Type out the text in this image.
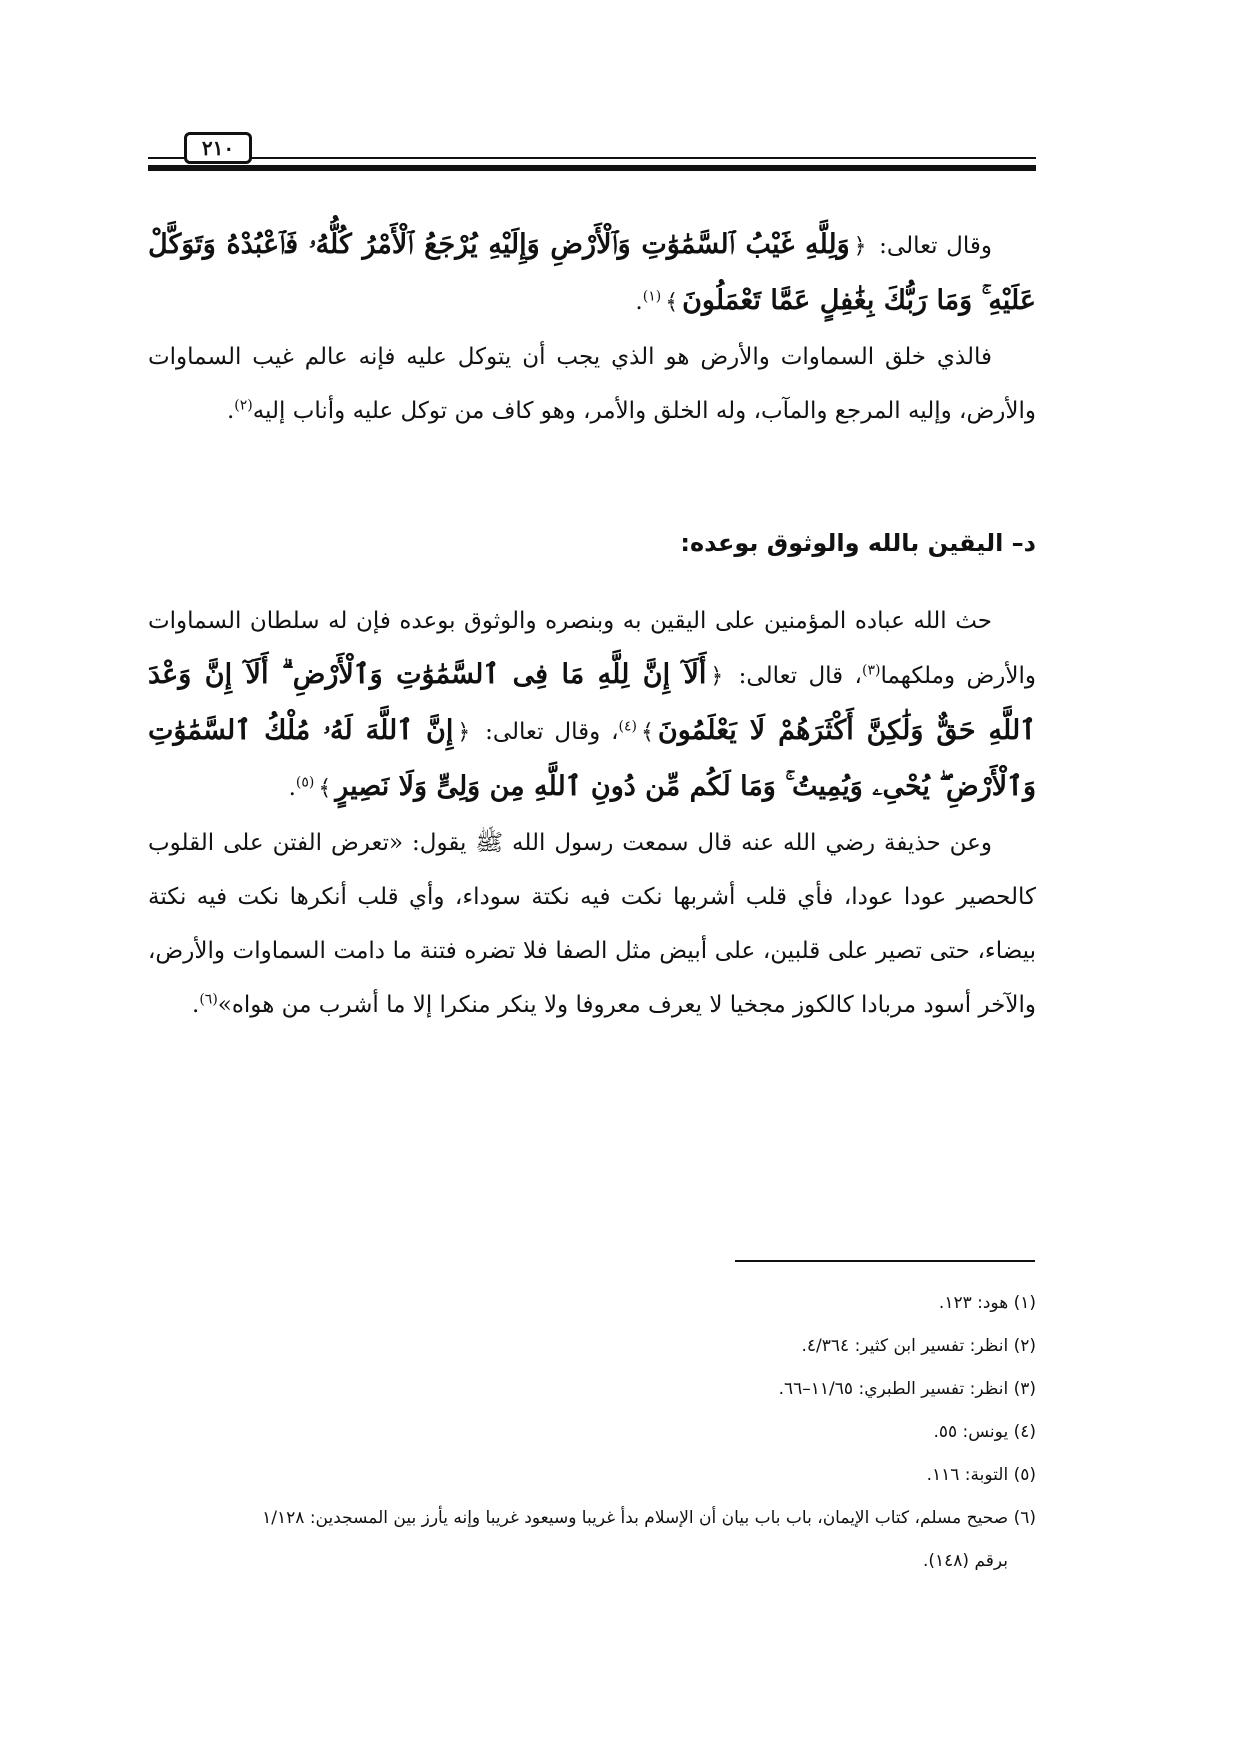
٢١٠

وقال تعالى: ﴿وَلِلَّهِ غَيْبُ ٱلسَّمَٰوَٰتِ وَٱلْأَرْضِ وَإِلَيْهِ يُرْجَعُ ٱلْأَمْرُ كُلُّهُۥ فَٱعْبُدْهُ وَتَوَكَّلْ عَلَيْهِ ۚ وَمَا رَبُّكَ بِغَٰفِلٍ عَمَّا تَعْمَلُونَ﴾$^{(١)}$.

فالذي خلق السماوات والأرض هو الذي يجب أن يتوكل عليه فإنه عالم غيب السماوات والأرض، وإليه المرجع والمآب، وله الخلق والأمر، وهو كاف من توكل عليه وأناب إليه$^{(٢)}$.

د– اليقين بالله والوثوق بوعده:

حث الله عباده المؤمنين على اليقين به وبنصره والوثوق بوعده فإن له سلطان السماوات والأرض وملكهما$^{(٣)}$، قال تعالى: ﴿أَلَآ إِنَّ لِلَّهِ مَا فِى ٱلسَّمَٰوَٰتِ وَٱلْأَرْضِ ۗ أَلَآ إِنَّ وَعْدَ ٱللَّهِ حَقٌّ وَلَٰكِنَّ أَكْثَرَهُمْ لَا يَعْلَمُونَ﴾$^{(٤)}$، وقال تعالى: ﴿إِنَّ ٱللَّهَ لَهُۥ مُلْكُ ٱلسَّمَٰوَٰتِ وَٱلْأَرْضِ ۖ يُحْىِۦ وَيُمِيتُ ۚ وَمَا لَكُم مِّن دُونِ ٱللَّهِ مِن وَلِىٍّ وَلَا نَصِيرٍ﴾$^{(٥)}$.

وعن حذيفة رضي الله عنه قال سمعت رسول الله ﷺ يقول: «تعرض الفتن على القلوب كالحصير عودا عودا، فأي قلب أشربها نكت فيه نكتة سوداء، وأي قلب أنكرها نكت فيه نكتة بيضاء، حتى تصير على قلبين، على أبيض مثل الصفا فلا تضره فتنة ما دامت السماوات والأرض، والآخر أسود مربادا كالكوز مجخيا لا يعرف معروفا ولا ينكر منكرا إلا ما أشرب من هواه»$^{(٦)}$.

(١) هود: ١٢٣.

(٢) انظر: تفسير ابن كثير: ٤/٣٦٤.

(٣) انظر: تفسير الطبري: ١١/٦٥–٦٦.

(٤) يونس: ٥٥.

(٥) التوبة: ١١٦.

(٦) صحيح مسلم، كتاب الإيمان، باب باب بيان أن الإسلام بدأ غريبا وسيعود غريبا وإنه يأرز بين المسجدين: ١/١٢٨

برقم (١٤٨).
